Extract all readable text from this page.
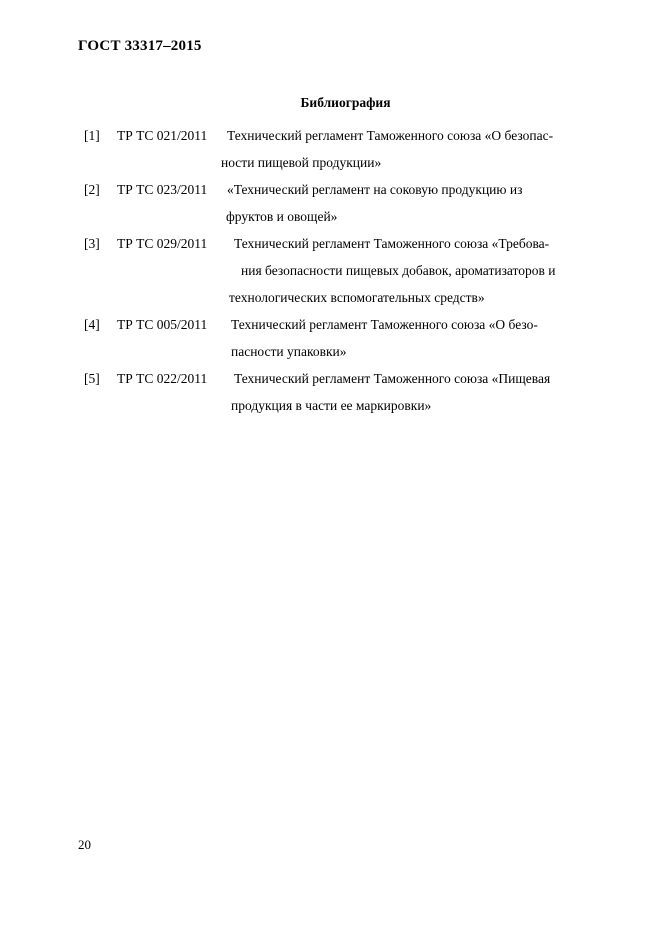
ГОСТ 33317–2015
Библиография
[1] ТР ТС 021/2011	Технический регламент Таможенного союза «О безопас-
ности пищевой продукции»
[2] ТР ТС 023/2011	«Технический регламент на соковую продукцию из
фруктов и овощей»
[3] ТР ТС 029/2011	Технический регламент Таможенного союза «Требова-
ния безопасности пищевых добавок, ароматизаторов и
технологических вспомогательных средств»
[4] ТР ТС 005/2011	Технический регламент Таможенного союза «О безо-
пасности упаковки»
[5] ТР ТС 022/2011	Технический регламент Таможенного союза «Пищевая
продукция в части ее маркировки»

20
